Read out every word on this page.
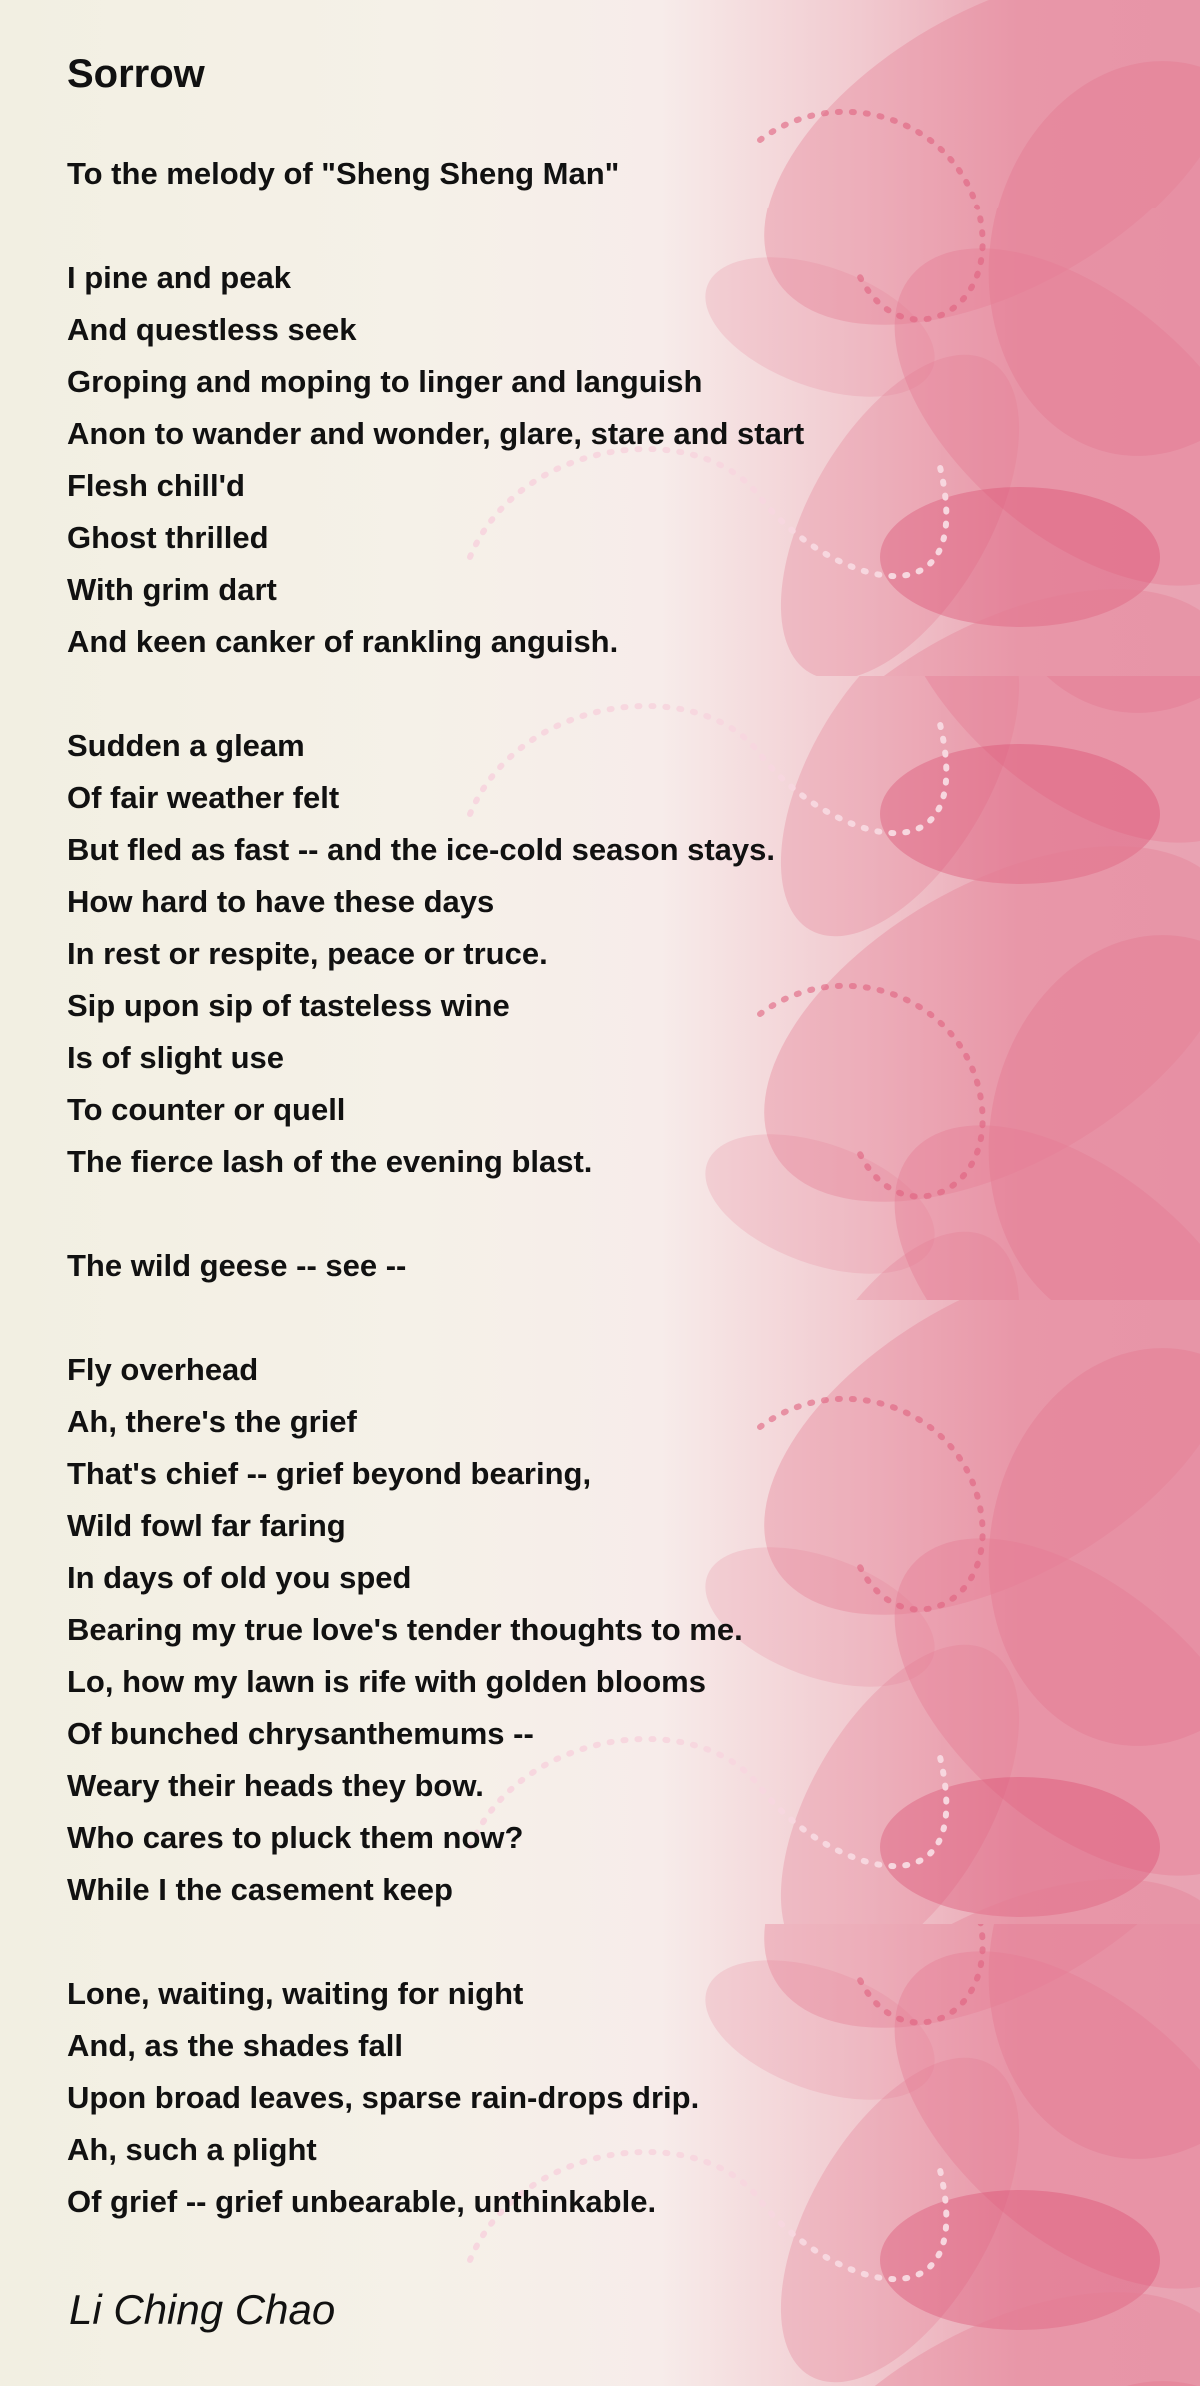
Sorrow
To the melody of "Sheng Sheng Man"
I pine and peak
And questless seek
Groping and moping to linger and languish
Anon to wander and wonder, glare, stare and start
Flesh chill'd
Ghost thrilled
With grim dart
And keen canker of rankling anguish.
Sudden a gleam
Of fair weather felt
But fled as fast -- and the ice-cold season stays.
How hard to have these days
In rest or respite, peace or truce.
Sip upon sip of tasteless wine
Is of slight use
To counter or quell
The fierce lash of the evening blast.
The wild geese -- see --
Fly overhead
Ah, there's the grief
That's chief -- grief beyond bearing,
Wild fowl far faring
In days of old you sped
Bearing my true love's tender thoughts to me.
Lo, how my lawn is rife with golden blooms
Of bunched chrysanthemums --
Weary their heads they bow.
Who cares to pluck them now?
While I the casement keep
Lone, waiting, waiting for night
And, as the shades fall
Upon broad leaves, sparse rain-drops drip.
Ah, such a plight
Of grief -- grief unbearable, unthinkable.
Li Ching Chao
